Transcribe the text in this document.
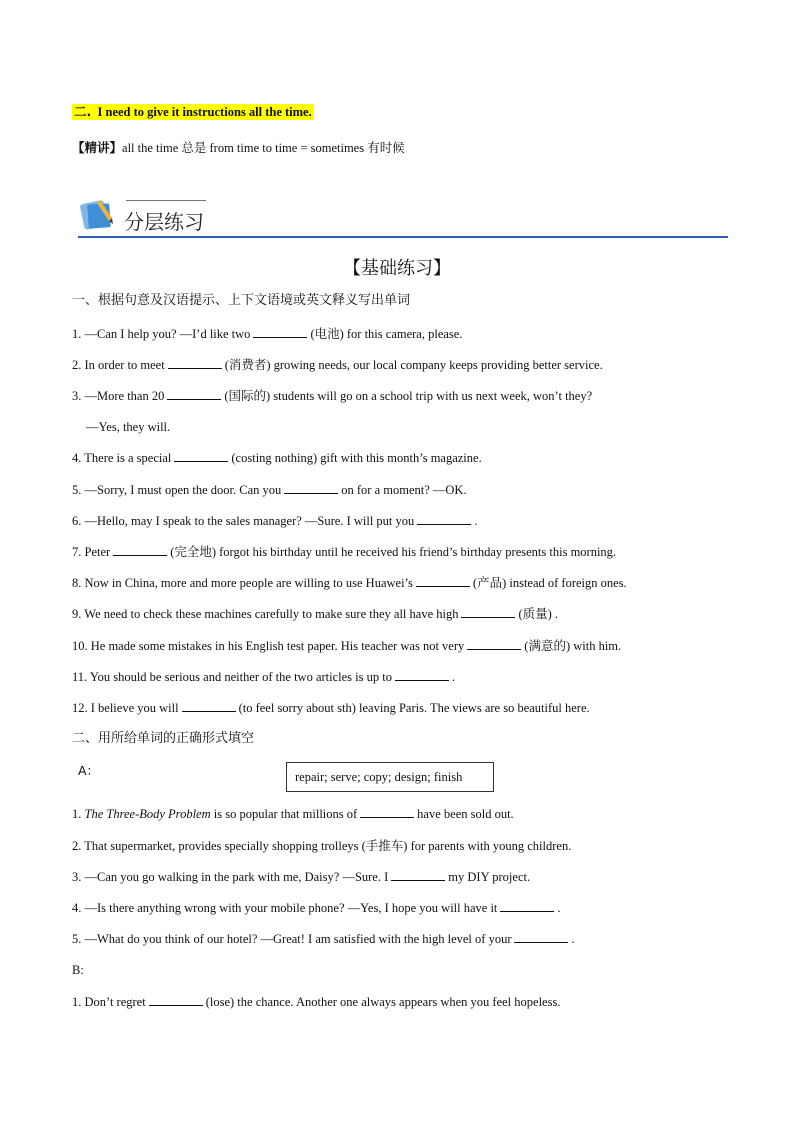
二. I need to give it instructions all the time.
【精讲】all the time 总是 from time to time = sometimes 有时候
分层练习
【基础练习】
一、根据句意及汉语提示、上下文语境或英文释义写出单词
1. —Can I help you? —I’d like two	(电池) for this camera, please.
2. In order to meet	(消费者) growing needs, our local company keeps providing better service.
3. —More than 20	(国际的) students will go on a school trip with us next week, won’t they?
—Yes, they will.
4. There is a special	(costing nothing) gift with this month’s magazine.
5. —Sorry, I must open the door. Can you	on for a moment? —OK.
6. —Hello, may I speak to the sales manager? —Sure. I will put you	.
7. Peter	(完全地) forgot his birthday until he received his friend’s birthday presents this morning.
8. Now in China, more and more people are willing to use Huawei’s	(产品) instead of foreign ones.
9. We need to check these machines carefully to make sure they all have high	(质量) .
10. He made some mistakes in his English test paper. His teacher was not very	(满意的) with him.
11. You should be serious and neither of the two articles is up to	.
12. I believe you will	(to feel sorry about sth) leaving Paris. The views are so beautiful here.
二、用所给单词的正确形式填空
A：	repair; serve; copy; design; finish
1. The Three-Body Problem is so popular that millions of	have been sold out.
2. That supermarket, provides specially shopping trolleys (手推车) for parents with young children.
3. —Can you go walking in the park with me, Daisy? —Sure. I	my DIY project.
4. —Is there anything wrong with your mobile phone? —Yes, I hope you will have it	.
5. —What do you think of our hotel? —Great! I am satisfied with the high level of your	.
B:
1. Don’t regret	(lose) the chance. Another one always appears when you feel hopeless.
